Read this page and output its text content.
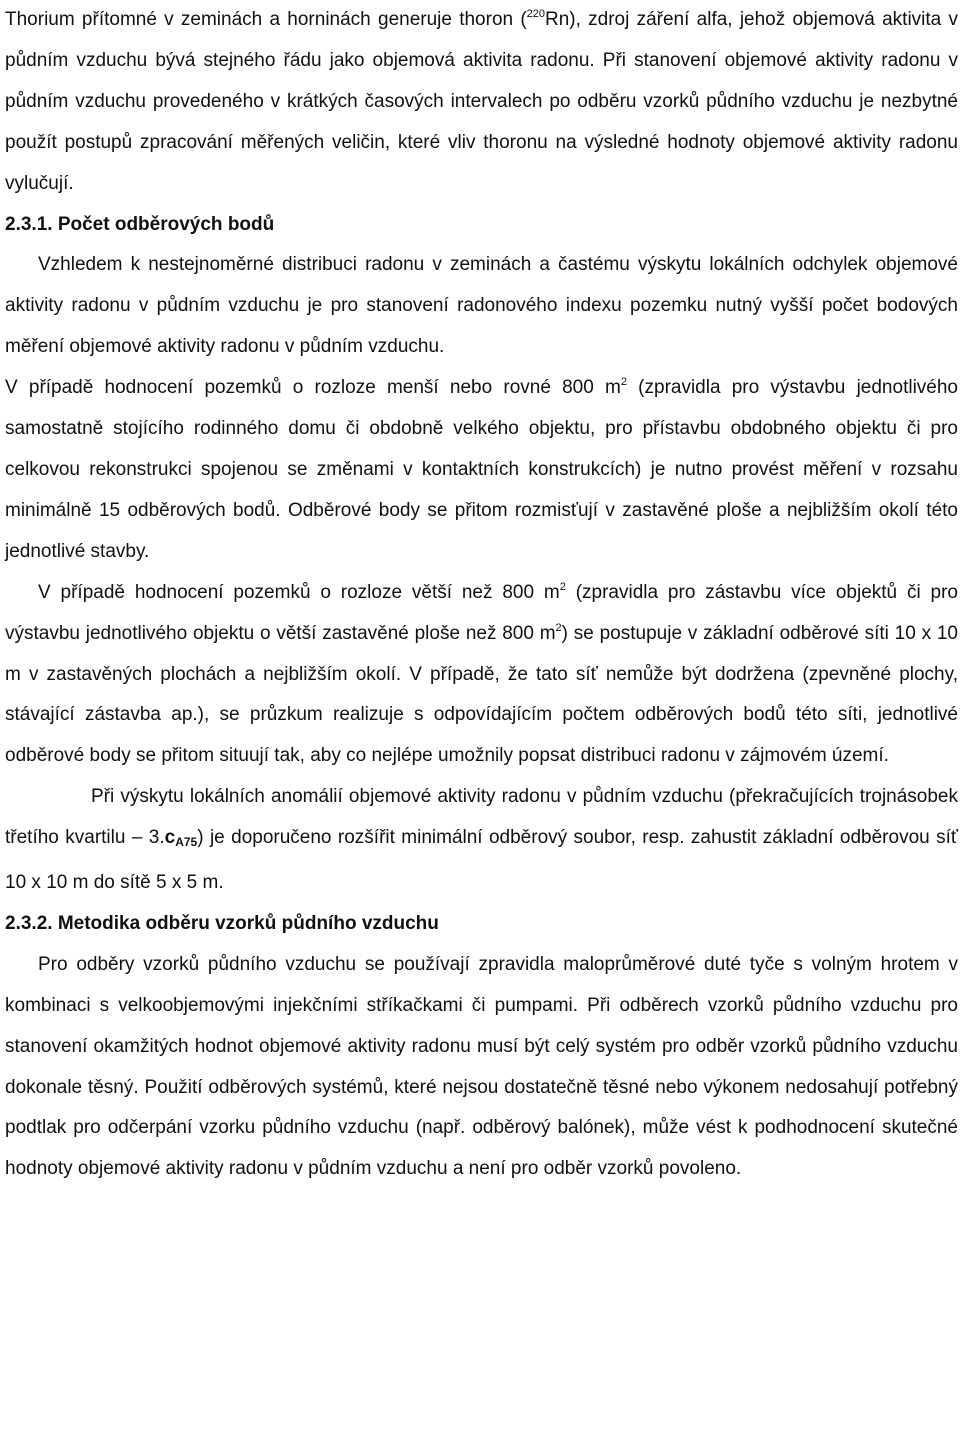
Thorium přítomné v zeminách a horninách generuje thoron ($^{220}$Rn), zdroj záření alfa, jehož objemová aktivita v půdním vzduchu bývá stejného řádu jako objemová aktivita radonu. Při stanovení objemové aktivity radonu v půdním vzduchu provedeného v krátkých časových intervalech po odběru vzorků půdního vzduchu je nezbytné použít postupů zpracování měřených veličin, které vliv thoronu na výsledné hodnoty objemové aktivity radonu vylučují.

2.3.1. Počet odběrových bodů

Vzhledem k nestejnoměrné distribuci radonu v zeminách a častému výskytu lokálních odchylek objemové aktivity radonu v půdním vzduchu je pro stanovení radonového indexu pozemku nutný vyšší počet bodových měření objemové aktivity radonu v půdním vzduchu.

V případě hodnocení pozemků o rozloze menší nebo rovné 800 $m^2$ (zpravidla pro výstavbu jednotlivého samostatně stojícího rodinného domu či obdobně velkého objektu, pro přístavbu obdobného objektu či pro celkovou rekonstrukci spojenou se změnami v kontaktních konstrukcích) je nutno provést měření v rozsahu minimálně 15 odběrových bodů. Odběrové body se přitom rozmisťují v zastavěné ploše a nejbližším okolí této jednotlivé stavby.

V případě hodnocení pozemků o rozloze větší než 800 $m^2$ (zpravidla pro zástavbu více objektů či pro výstavbu jednotlivého objektu o větší zastavěné ploše než 800 $m^2$) se postupuje v základní odběrové síti 10 x 10 m v zastavěných plochách a nejbližším okolí. V případě, že tato síť nemůže být dodržena (zpevněné plochy, stávající zástavba ap.), se průzkum realizuje s odpovídajícím počtem odběrových bodů této síti, jednotlivé odběrové body se přitom situují tak, aby co nejlépe umožnily popsat distribuci radonu v zájmovém území.

Při výskytu lokálních anomálií objemové aktivity radonu v půdním vzduchu (překračujících trojnásobek třetího kvartilu – $3.c_{A75}$) je doporučeno rozšířit minimální odběrový soubor, resp. zahustit základní odběrovou síť 10 x 10 m do sítě 5 x 5 m.

2.3.2. Metodika odběru vzorků půdního vzduchu

Pro odběry vzorků půdního vzduchu se používají zpravidla maloprůměrové duté tyče s volným hrotem v kombinaci s velkoobjemovými injekčními stříkačkami či pumpami. Při odběrech vzorků půdního vzduchu pro stanovení okamžitých hodnot objemové aktivity radonu musí být celý systém pro odběr vzorků půdního vzduchu dokonale těsný. Použití odběrových systémů, které nejsou dostatečně těsné nebo výkonem nedosahují potřebný podtlak pro odčerpání vzorku půdního vzduchu (např. odběrový balónek), může vést k podhodnocení skutečné hodnoty objemové aktivity radonu v půdním vzduchu a není pro odběr vzorků povoleno.
